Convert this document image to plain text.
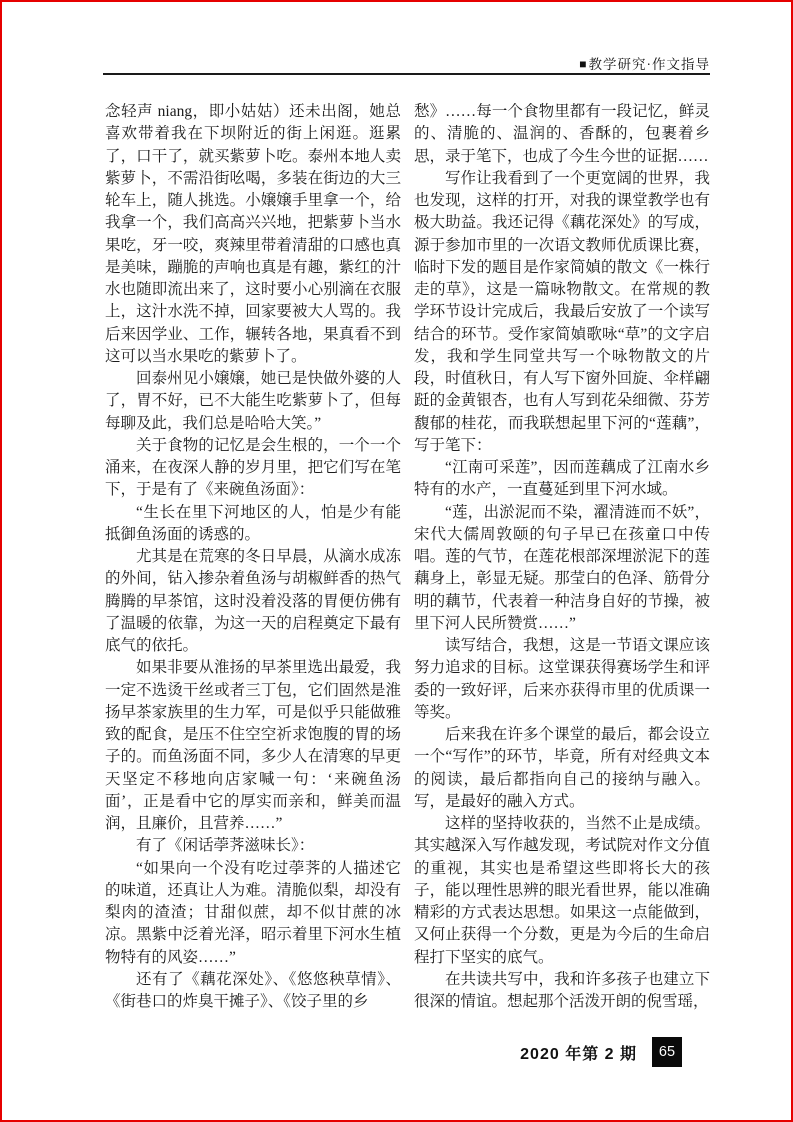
■教学研究·作文指导

念轻声 niang，即小姑姑）还未出阁，她总喜欢带着我在下坝附近的街上闲逛。逛累了，口干了，就买紫萝卜吃。泰州本地人卖紫萝卜，不需沿街吆喝，多装在街边的大三轮车上，随人挑选。小嬢嬢手里拿一个，给我拿一个，我们高高兴兴地，把紫萝卜当水果吃，牙一咬，爽辣里带着清甜的口感也真是美味，蹦脆的声响也真是有趣，紫红的汁水也随即流出来了，这时要小心别滴在衣服上，这汁水洗不掉，回家要被大人骂的。我后来因学业、工作，辗转各地，果真看不到这可以当水果吃的紫萝卜了。

回泰州见小嬢嬢，她已是快做外婆的人了，胃不好，已不大能生吃紫萝卜了，但每每聊及此，我们总是哈哈大笑。”

关于食物的记忆是会生根的，一个一个涌来，在夜深人静的岁月里，把它们写在笔下，于是有了《来碗鱼汤面》：

“生长在里下河地区的人，怕是少有能抵御鱼汤面的诱惑的。

尤其是在荒寒的冬日早晨，从滴水成冻的外间，钻入掺杂着鱼汤与胡椒鲜香的热气腾腾的早茶馆，这时没着没落的胃便仿佛有了温暖的依靠，为这一天的启程奠定下最有底气的依托。

如果非要从淮扬的早茶里选出最爱，我一定不选烫干丝或者三丁包，它们固然是淮扬早茶家族里的生力军，可是似乎只能做雅致的配食，是压不住空空祈求饱腹的胃的场子的。而鱼汤面不同，多少人在清寒的早更天坚定不移地向店家喊一句：‘来碗鱼汤面’，正是看中它的厚实而亲和，鲜美而温润，且廉价，且营养……”

有了《闲话荸荠滋味长》：

“如果向一个没有吃过荸荠的人描述它的味道，还真让人为难。清脆似梨，却没有梨肉的渣渣；甘甜似蔗，却不似甘蔗的冰凉。黑紫中泛着光泽，昭示着里下河水生植物特有的风姿……”

还有了《藕花深处》、《悠悠秧草情》、《街巷口的炸臭干摊子》、《饺子里的乡

愁》……每一个食物里都有一段记忆，鲜灵的、清脆的、温润的、香酥的，包裹着乡思，录于笔下，也成了今生今世的证据……

写作让我看到了一个更宽阔的世界，我也发现，这样的打开，对我的课堂教学也有极大助益。我还记得《藕花深处》的写成，源于参加市里的一次语文教师优质课比赛，临时下发的题目是作家简媜的散文《一株行走的草》，这是一篇咏物散文。在常规的教学环节设计完成后，我最后安放了一个读写结合的环节。受作家简媜歌咏“草”的文字启发，我和学生同堂共写一个咏物散文的片段，时值秋日，有人写下窗外回旋、伞样翩跹的金黄银杏，也有人写到花朵细微、芬芳馥郁的桂花，而我联想起里下河的“莲藕”，写于笔下：

“江南可采莲”，因而莲藕成了江南水乡特有的水产，一直蔓延到里下河水域。

“莲，出淤泥而不染，濯清涟而不妖”，宋代大儒周敦颐的句子早已在孩童口中传唱。莲的气节，在莲花根部深埋淤泥下的莲藕身上，彰显无疑。那莹白的色泽、筋骨分明的藕节，代表着一种洁身自好的节操，被里下河人民所赞赏……”

读写结合，我想，这是一节语文课应该努力追求的目标。这堂课获得赛场学生和评委的一致好评，后来亦获得市里的优质课一等奖。

后来我在许多个课堂的最后，都会设立一个“写作”的环节，毕竟，所有对经典文本的阅读，最后都指向自己的接纳与融入。写，是最好的融入方式。

这样的坚持收获的，当然不止是成绩。其实越深入写作越发现，考试院对作文分值的重视，其实也是希望这些即将长大的孩子，能以理性思辨的眼光看世界，能以准确精彩的方式表达思想。如果这一点能做到，又何止获得一个分数，更是为今后的生命启程打下坚实的底气。

在共读共写中，我和许多孩子也建立下很深的情谊。想起那个活泼开朗的倪雪瑶，

2020 年第 2 期	65
